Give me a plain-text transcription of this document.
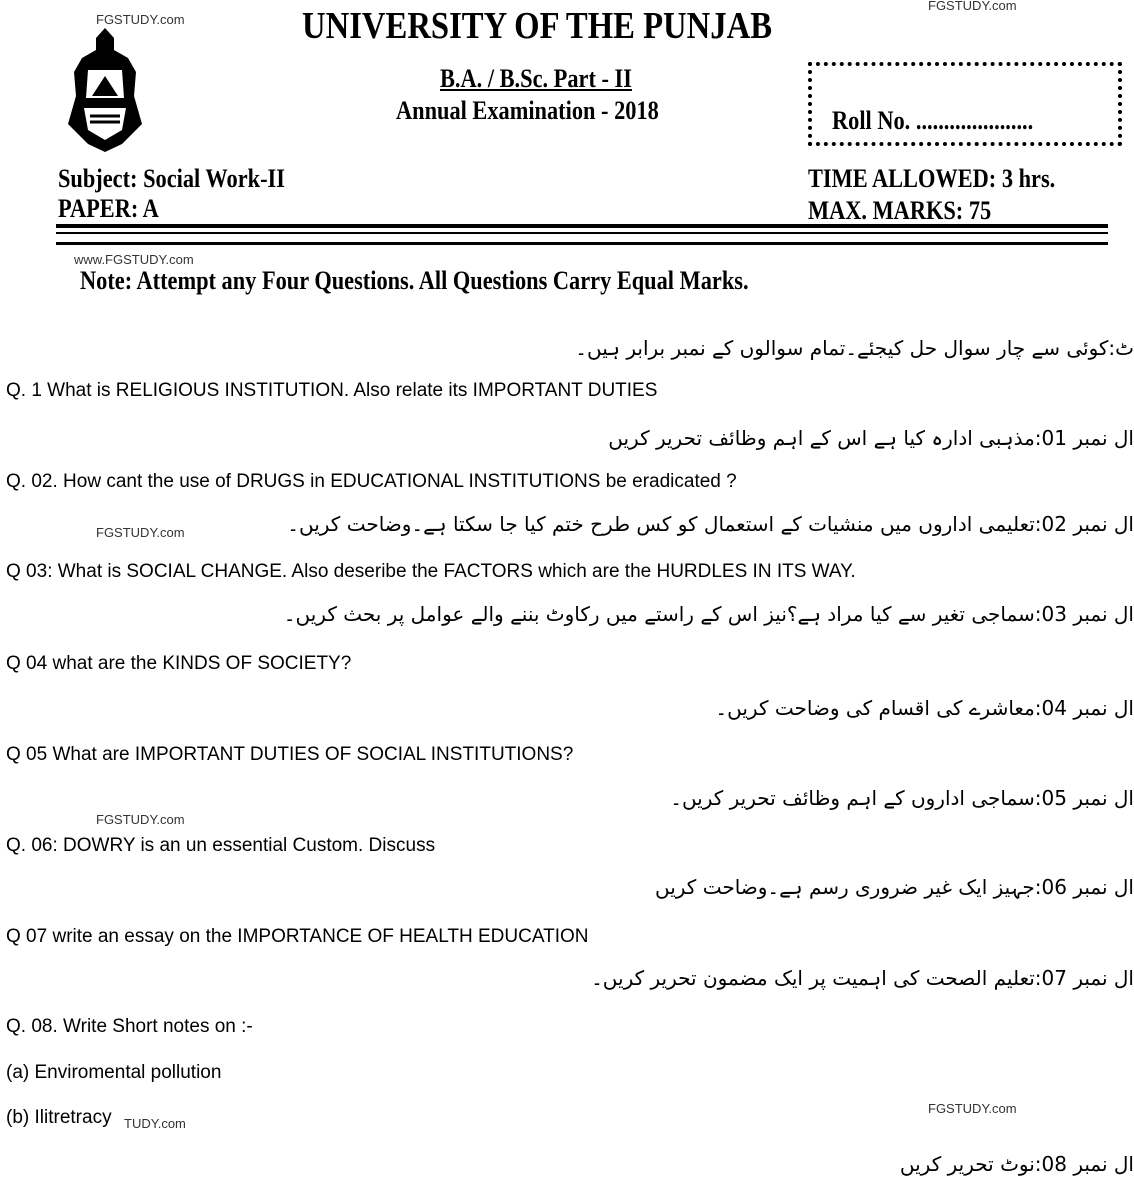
FGSTUDY.com
FGSTUDY.com
UNIVERSITY OF THE PUNJAB
B.A. / B.Sc. Part - II
Annual Examination - 2018	Roll No. .....................
Subject: Social Work-II
PAPER: A
TIME ALLOWED: 3 hrs.
MAX. MARKS: 75
www.FGSTUDY.com
Note: Attempt any Four Questions. All Questions Carry Equal Marks.
ٹ:کوئی سے چار سوال حل کیجئے۔تمام سوالوں کے نمبر برابر ہیں۔
Q. 1 What is RELIGIOUS INSTITUTION. Also relate its IMPORTANT DUTIES
ال نمبر 01:مذہبی ادارہ کیا ہے اس کے اہم وظائف تحریر کریں
Q. 02. How cant the use of DRUGS in EDUCATIONAL INSTITUTIONS be eradicated ?
FGSTUDY.com	ال نمبر 02:تعلیمی اداروں میں منشیات کے استعمال کو کس طرح ختم کیا جا سکتا ہے۔وضاحت کریں۔
Q 03: What is SOCIAL CHANGE. Also deseribe the FACTORS which are the HURDLES IN ITS WAY.
ال نمبر 03:سماجی تغیر سے کیا مراد ہے؟نیز اس کے راستے میں رکاوٹ بننے والے عوامل پر بحث کریں۔
Q 04 what are the KINDS OF SOCIETY?
ال نمبر 04:معاشرے کی اقسام کی وضاحت کریں۔
Q 05 What are IMPORTANT DUTIES OF SOCIAL INSTITUTIONS?
FGSTUDY.com
ال نمبر 05:سماجی اداروں کے اہم وظائف تحریر کریں۔
Q. 06: DOWRY is an un essential Custom. Discuss
ال نمبر 06:جہیز ایک غیر ضروری رسم ہے۔وضاحت کریں
Q 07 write an essay on the IMPORTANCE OF HEALTH EDUCATION
ال نمبر 07:تعلیم الصحت کی اہمیت پر ایک مضمون تحریر کریں۔
Q. 08. Write Short notes on :-
(a) Enviromental pollution
(b) Ilitretracy TUDY.com
FGSTUDY.com
ال نمبر 08:نوٹ تحریر کریں
